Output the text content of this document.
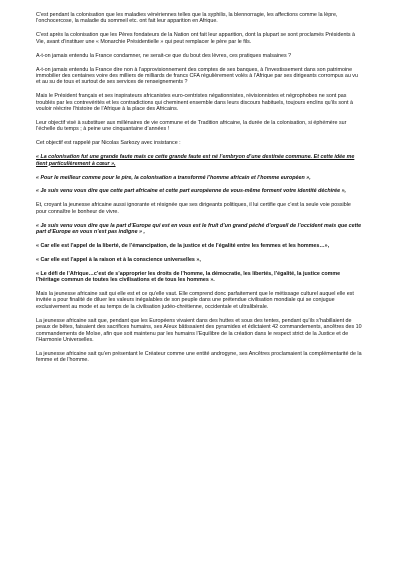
C’est pendant la colonisation que les maladies vénériennes telles que la syphilis, la blennorragie, les affections comme la lèpre, l’onchocercose, la maladie du sommeil etc. ont fait leur apparition en Afrique.

C’est après la colonisation que les Pères fondateurs de la Nation ont fait leur apparition, dont la plupart se sont proclamés Présidents à Vie, avant d’instituer une « Monarchie Présidentielle » qui peut remplacer le père par le fils.

A-t-on jamais entendu la France condamner, ne serait-ce que du bout des lèvres, ces pratiques malsaines ?

A-t-on jamais entendu la France dire non à l’approvisionnement des comptes de ses banques, à l’investissement dans son patrimoine immobilier des centaines voire des milliers de milliards de francs CFA régulièrement volés à l’Afrique par ses dirigeants corrompus au vu et au su de tous et surtout de ses services de renseignements ?

Mais le Président français et ses inspirateurs africanistes euro-centristes négationnistes, révisionnistes et négrophobes ne sont pas troublés par les contrevérités et les contradictions qui cheminent ensemble dans leurs discours habituels, toujours enclins qu’ils sont à vouloir réécrire l’histoire de l’Afrique à la place des Africains.

Leur objectif visé à substituer aux millénaires de vie commune et de Tradition africaine, la durée de la colonisation, si éphémère sur l’échelle du temps ; à peine une cinquantaine d’années !

Cet objectif est rappelé par Nicolas Sarkozy avec insistance :

« La colonisation fut une grande faute mais ce cette grande faute est né l’embryon d’une destinée commune. Et cette idée me tient particulièrement à cœur »,

« Pour le meilleur comme pour le pire, la colonisation a transformé l’homme africain et l’homme européen »,

« Je suis venu vous dire que cette part africaine et cette part européenne de vous-même forment votre identité déchirée »,

Et, croyant la jeunesse africaine aussi ignorante et résignée que ses dirigeants politiques, il lui certifie que c’est la seule voie possible pour connaître le bonheur de vivre.

« Je suis venu vous dire que la part d’Europe qui est en vous est le fruit d’un grand péché d’orgueil de l’occident mais que cette part d’Europe en vous n’est pas indigne » ,

« Car elle est l’appel de la liberté, de l’émancipation, de la justice et de l’égalité entre les femmes et les hommes…»,

« Car elle est l’appel à la raison et à la conscience universelles »,

« Le défi de l’Afrique…c’est de s’approprier les droits de l’homme, la démocratie, les libertés, l’égalité, la justice comme l’héritage commun de toutes les civilisations et de tous les hommes ».

Mais la jeunesse africaine sait qui elle est et ce qu’elle vaut. Elle comprend donc parfaitement que le métissage culturel auquel elle est invitée a pour finalité de diluer les valeurs inégalables de son peuple dans une prétendue civilisation mondiale qui se conjugue exclusivement au mode et au temps de la civilisation judéo-chrétienne, occidentale et ultralibérale.

La jeunesse africaine sait que, pendant que les Européens vivaient dans des huttes et sous des tentes, pendant qu’ils s’habillaient de peaux de bêtes, faisaient des sacrifices humains, ses Aïeux bâtissaient des pyramides et édictaient 42 commandements, ancêtres des 10 commandements de Moïse, afin que soit maintenu par les humains l’Equilibre de la création dans le respect strict de la Justice et de l’Harmonie Universelles.

La jeunesse africaine sait qu’en présentant le Créateur comme une entité androgyne, ses Ancêtres proclamaient la complémentarité de la femme et de l’homme.
